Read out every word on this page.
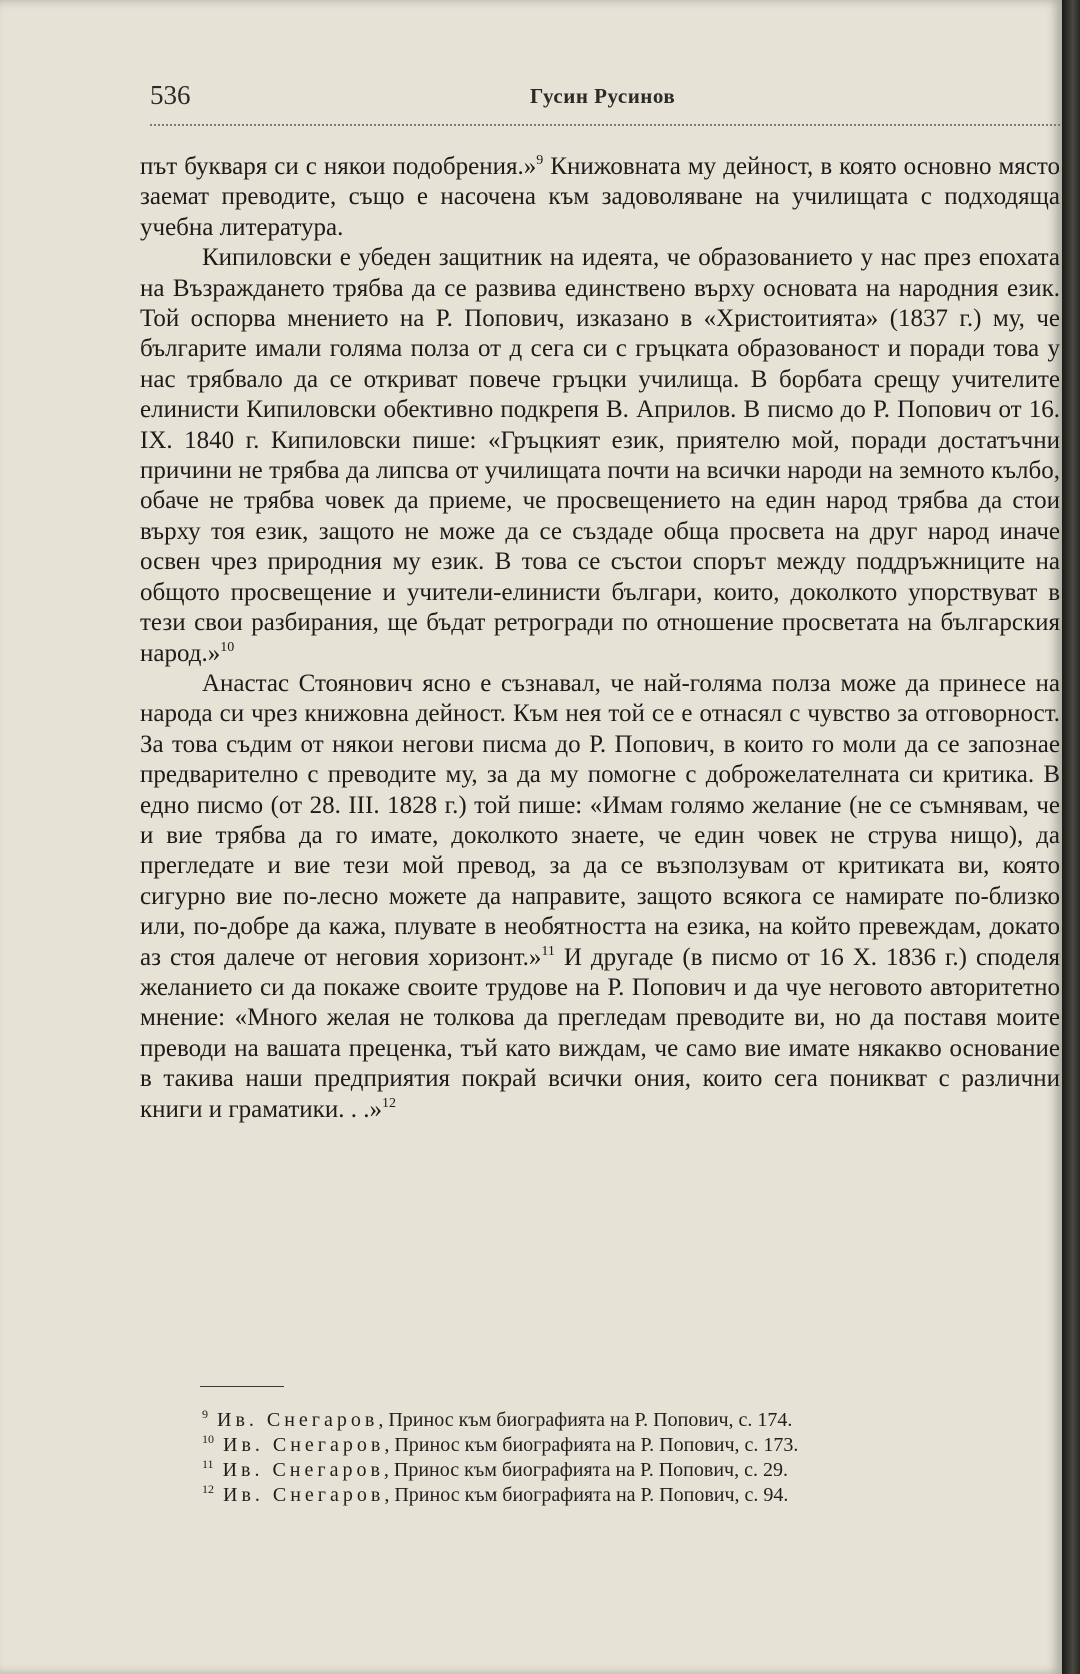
536	Гусин Русинов

път букваря си с някои подобрения.»$^9$ Книжовната му дейност, в която основно място заемат преводите, също е насочена към задоволяване на училищата с подходяща учебна литература.

Кипиловски е убеден защитник на идеята, че образованието у нас през епохата на Възраждането трябва да се развива единствено върху основата на народния език. Той оспорва мнението на Р. Попович, изказано в «Христоитията» (1837 г.) му, че българите имали голяма полза от д сега си с гръцката образованост и поради това у нас трябвало да се откриват повече гръцки училища. В борбата срещу учителите елинисти Кипиловски обективно подкрепя В. Априлов. В писмо до Р. Попович от 16. IX. 1840 г. Кипиловски пише: «Гръцкият език, приятелю мой, поради достатъчни причини не трябва да липсва от училищата почти на всички народи на земното кълбо, обаче не трябва човек да приеме, че просвещението на един народ трябва да стои върху тоя език, защото не може да се създаде обща просвета на друг народ иначе освен чрез природния му език. В това се състои спорът между поддръжниците на общото просвещение и учители-елинисти българи, които, доколкото упорствуват в тези свои разбирания, ще бъдат ретрогради по отношение просветата на българския народ.»$^{10}$

Анастас Стоянович ясно е съзнавал, че най-голяма полза може да принесе на народа си чрез книжовна дейност. Към нея той се е отнасял с чувство за отговорност. За това съдим от някои негови писма до Р. Попович, в които го моли да се запознае предварително с преводите му, за да му помогне с доброжелателната си критика. В едно писмо (от 28. III. 1828 г.) той пише: «Имам голямо желание (не се съмнявам, че и вие трябва да го имате, доколкото знаете, че един човек не струва нищо), да прегледате и вие тези мой превод, за да се възползувам от критиката ви, която сигурно вие по-лесно можете да направите, защото всякога се намирате по-близко или, по-добре да кажа, плувате в необятността на езика, на който превеждам, докато аз стоя далече от неговия хоризонт.»$^{11}$ И другаде (в писмо от 16 X. 1836 г.) споделя желанието си да покаже своите трудове на Р. Попович и да чуе неговото авторитетно мнение: «Много желая не толкова да прегледам преводите ви, но да поставя моите преводи на вашата преценка, тъй като виждам, че само вие имате някакво основание в такива наши предприятия покрай всички ония, които сега поникват с различни книги и граматики. . .»$^{12}$

$^9$ Ив. Снегаров, Принос към биографията на Р. Попович, с. 174.

$^{10}$ Ив. Снегаров, Принос към биографията на Р. Попович, с. 173.

$^{11}$ Ив. Снегаров, Принос към биографията на Р. Попович, с. 29.

$^{12}$ Ив. Снегаров, Принос към биографията на Р. Попович, с. 94.
